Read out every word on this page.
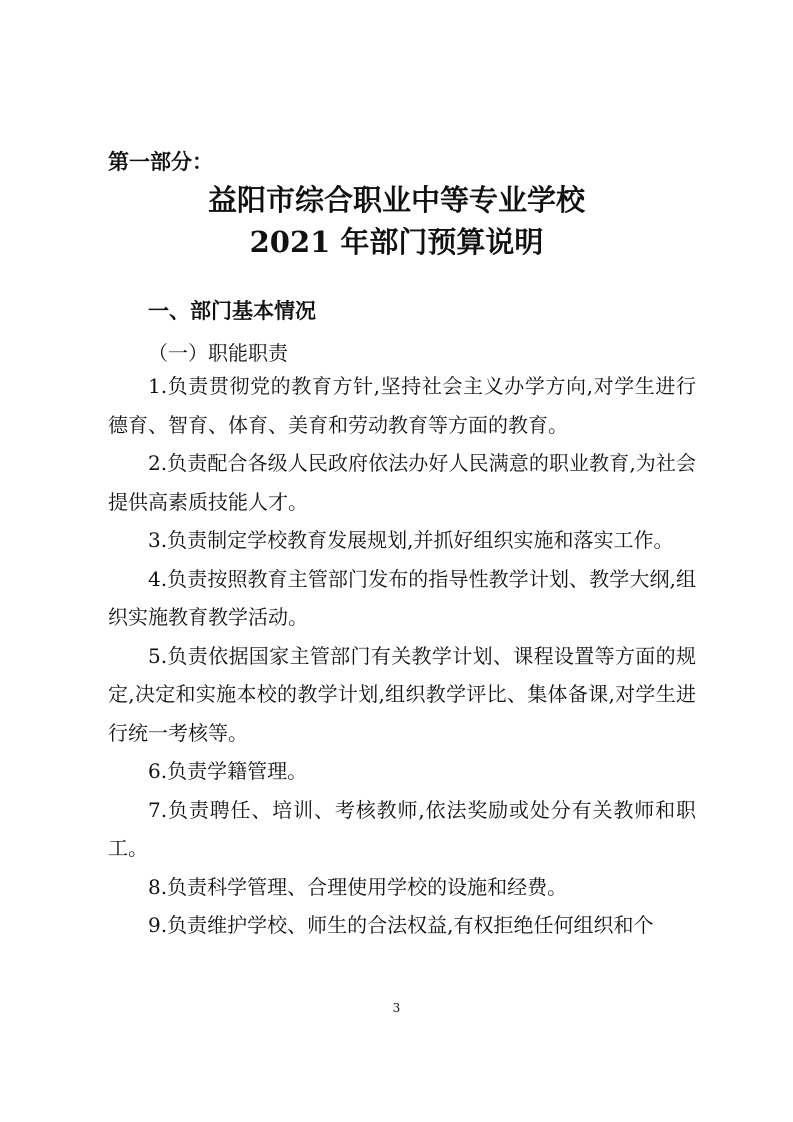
第一部分：
益阳市综合职业中等专业学校
2021 年部门预算说明
一、部门基本情况
（一）职能职责

1.负责贯彻党的教育方针,坚持社会主义办学方向,对学生进行德育、智育、体育、美育和劳动教育等方面的教育。

2.负责配合各级人民政府依法办好人民满意的职业教育,为社会提供高素质技能人才。

3.负责制定学校教育发展规划,并抓好组织实施和落实工作。

4.负责按照教育主管部门发布的指导性教学计划、教学大纲,组织实施教育教学活动。

5.负责依据国家主管部门有关教学计划、课程设置等方面的规定,决定和实施本校的教学计划,组织教学评比、集体备课,对学生进行统一考核等。

6.负责学籍管理。

7.负责聘任、培训、考核教师,依法奖励或处分有关教师和职工。

8.负责科学管理、合理使用学校的设施和经费。

9.负责维护学校、师生的合法权益,有权拒绝任何组织和个

3
